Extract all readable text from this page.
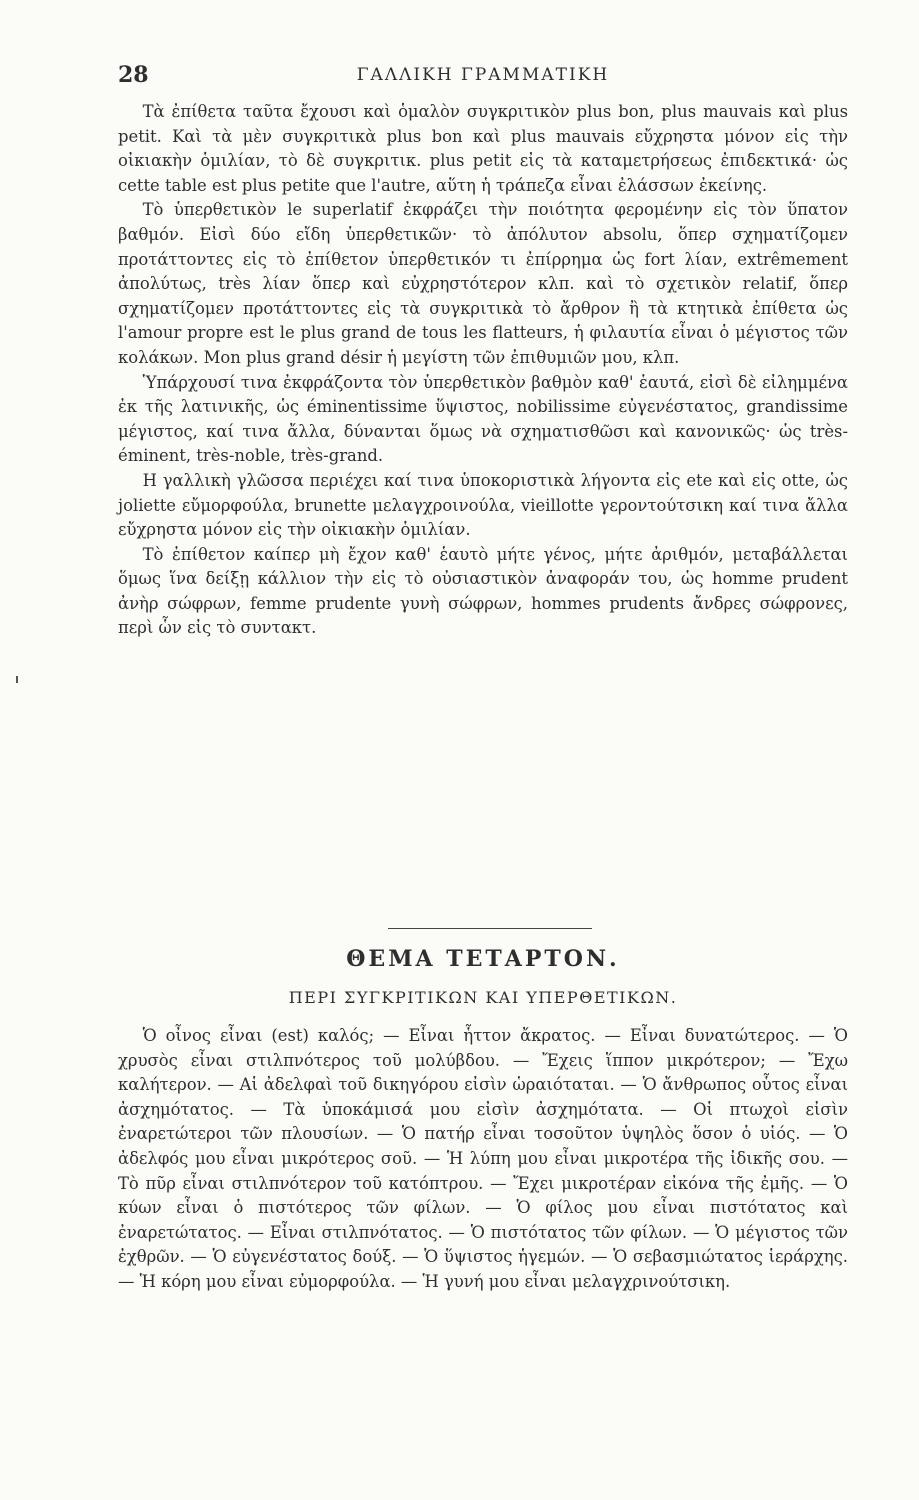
28	ΓΑΛΛΙΚΗ ΓΡΑΜΜΑΤΙΚΗ

Τὰ ἐπίθετα ταῦτα ἔχουσι καὶ ὁμαλὸν συγκριτικὸν plus bon, plus mauvais καὶ plus petit. Καὶ τὰ μὲν συγκριτικὰ plus bon καὶ plus mauvais εὔχρηστα μόνον εἰς τὴν οἰκιακὴν ὁμιλίαν, τὸ δὲ συγκριτικ. plus petit εἰς τὰ καταμετρήσεως ἐπιδεκτικά· ὡς cette table est plus petite que l'autre, αὕτη ἡ τράπεζα εἶναι ἐλάσσων ἐκείνης.

Τὸ ὑπερθετικὸν le superlatif ἐκφράζει τὴν ποιότητα φερομένην εἰς τὸν ὕπατον βαθμόν. Εἰσὶ δύο εἴδη ὑπερθετικῶν· τὸ ἀπόλυτον absolu, ὅπερ σχηματίζομεν προτάττοντες εἰς τὸ ἐπίθετον ὑπερθετικόν τι ἐπίρρημα ὡς fort λίαν, extrêmement ἀπολύτως, très λίαν ὅπερ καὶ εὐχρηστότερον κλπ. καὶ τὸ σχετικὸν relatif, ὅπερ σχηματίζομεν προτάττοντες εἰς τὰ συγκριτικὰ τὸ ἄρθρον ἢ τὰ κτητικὰ ἐπίθετα ὡς l'amour propre est le plus grand de tous les flatteurs, ἡ φιλαυτία εἶναι ὁ μέγιστος τῶν κολάκων. Mon plus grand désir ἡ μεγίστη τῶν ἐπιθυμιῶν μου, κλπ.

Ὑπάρχουσί τινα ἐκφράζοντα τὸν ὑπερθετικὸν βαθμὸν καθ' ἑαυτά, εἰσὶ δὲ εἰλημμένα ἐκ τῆς λατινικῆς, ὡς éminentissime ὕψιστος, nobilissime εὐγενέστατος, grandissime μέγιστος, καί τινα ἄλλα, δύνανται ὅμως νὰ σχηματισθῶσι καὶ κανονικῶς· ὡς très-éminent, très-noble, très-grand.

Η γαλλικὴ γλῶσσα περιέχει καί τινα ὑποκοριστικὰ λήγοντα εἰς ete καὶ εἰς otte, ὡς joliette εὔμορφούλα, brunette μελαγχροινούλα, vieillotte γεροντούτσικη καί τινα ἄλλα εὔχρηστα μόνον εἰς τὴν οἰκιακὴν ὁμιλίαν.

Τὸ ἐπίθετον καίπερ μὴ ἔχον καθ' ἑαυτὸ μήτε γένος, μήτε ἀριθμόν, μεταβάλλεται ὅμως ἵνα δείξῃ κάλλιον τὴν εἰς τὸ οὐσιαστικὸν ἀναφοράν του, ὡς homme prudent ἀνὴρ σώφρων, femme prudente γυνὴ σώφρων, hommes prudents ἄνδρες σώφρονες, περὶ ὧν εἰς τὸ συντακτ.

ΘΕΜΑ ΤΕΤΑΡΤΟΝ.
ΠΕΡΙ ΣΥΓΚΡΙΤΙΚΩΝ ΚΑΙ ΥΠΕΡΘΕΤΙΚΩΝ.

Ὁ οἶνος εἶναι (est) καλός; — Εἶναι ἧττον ἄκρατος. — Εἶναι δυνατώτερος. — Ὁ χρυσὸς εἶναι στιλπνότερος τοῦ μολύβδου. — Ἔχεις ἵππον μικρότερον; — Ἔχω καλήτερον. — Αἱ ἀδελφαὶ τοῦ δικηγόρου εἰσὶν ὡραιόταται. — Ὁ ἄνθρωπος οὗτος εἶναι ἀσχημότατος. — Τὰ ὑποκάμισά μου εἰσὶν ἀσχημότατα. — Οἱ πτωχοὶ εἰσὶν ἐναρετώτεροι τῶν πλουσίων. — Ὁ πατήρ εἶναι τοσοῦτον ὑψηλὸς ὅσον ὁ υἱός. — Ὁ ἀδελφός μου εἶναι μικρότερος σοῦ. — Ἡ λύπη μου εἶναι μικροτέρα τῆς ἰδικῆς σου. — Τὸ πῦρ εἶναι στιλπνότερον τοῦ κατόπτρου. — Ἔχει μικροτέραν εἰκόνα τῆς ἐμῆς. — Ὁ κύων εἶναι ὁ πιστότερος τῶν φίλων. — Ὁ φίλος μου εἶναι πιστότατος καὶ ἐναρετώτατος. — Εἶναι στιλπνότατος. — Ὁ πιστότατος τῶν φίλων. — Ὁ μέγιστος τῶν ἐχθρῶν. — Ὁ εὐγενέστατος δούξ. — Ὁ ὕψιστος ἡγεμών. — Ὁ σεβασμιώτατος ἱεράρχης. — Ἡ κόρη μου εἶναι εὐμορφούλα. — Ἡ γυνή μου εἶναι μελαγχρινούτσικη.
